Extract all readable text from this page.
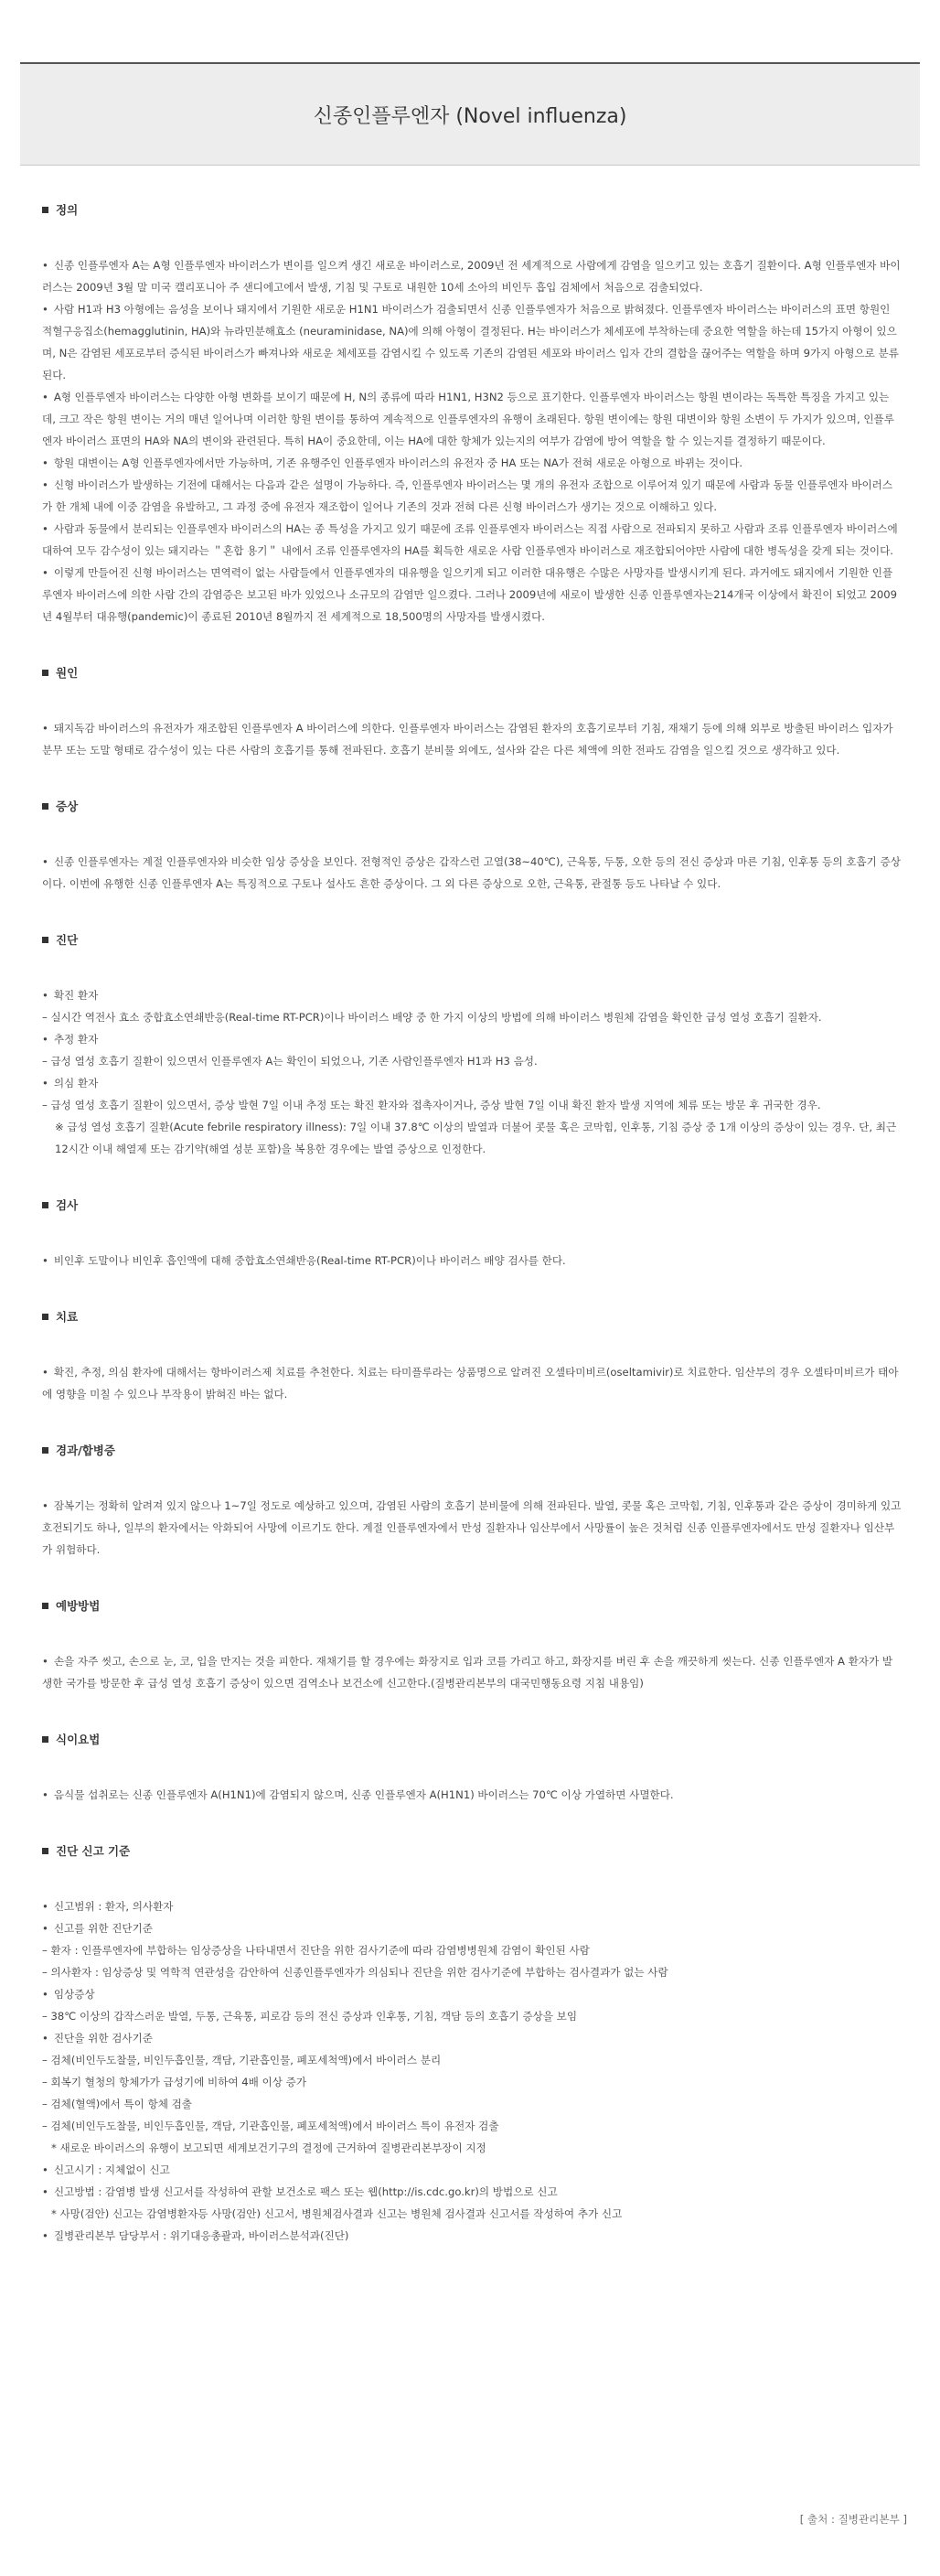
신종인플루엔자 (Novel influenza)
정의

• 신종 인플루엔자 A는 A형 인플루엔자 바이러스가 변이를 일으켜 생긴 새로운 바이러스로, 2009년 전 세계적으로 사람에게 감염을 일으키고 있는 호흡기 질환이다. A형 인플루엔자 바이러스는 2009년 3월 말 미국 캘리포니아 주 샌디에고에서 발생, 기침 및 구토로 내원한 10세 소아의 비인두 흡입 검체에서 처음으로 검출되었다.

• 사람 H1과 H3 아형에는 음성을 보이나 돼지에서 기원한 새로운 H1N1 바이러스가 검출되면서 신종 인플루엔자가 처음으로 밝혀졌다. 인플루엔자 바이러스는 바이러스의 표면 항원인 적혈구응집소(hemagglutinin, HA)와 뉴라민분해효소 (neuraminidase, NA)에 의해 아형이 결정된다. H는 바이러스가 체세포에 부착하는데 중요한 역할을 하는데 15가지 아형이 있으며, N은 감염된 세포로부터 증식된 바이러스가 빠져나와 새로운 체세포를 감염시킬 수 있도록 기존의 감염된 세포와 바이러스 입자 간의 결합을 끊어주는 역할을 하며 9가지 아형으로 분류된다.

• A형 인플루엔자 바이러스는 다양한 아형 변화를 보이기 때문에 H, N의 종류에 따라 H1N1, H3N2 등으로 표기한다. 인플루엔자 바이러스는 항원 변이라는 독특한 특징을 가지고 있는데, 크고 작은 항원 변이는 거의 매년 일어나며 이러한 항원 변이를 통하여 계속적으로 인플루엔자의 유행이 초래된다. 항원 변이에는 항원 대변이와 항원 소변이 두 가지가 있으며, 인플루엔자 바이러스 표면의 HA와 NA의 변이와 관련된다. 특히 HA이 중요한데, 이는 HA에 대한 항체가 있는지의 여부가 감염에 방어 역할을 할 수 있는지를 결정하기 때문이다.

• 항원 대변이는 A형 인플루엔자에서만 가능하며, 기존 유행주인 인플루엔자 바이러스의 유전자 중 HA 또는 NA가 전혀 새로운 아형으로 바뀌는 것이다.

• 신형 바이러스가 발생하는 기전에 대해서는 다음과 같은 설명이 가능하다. 즉, 인플루엔자 바이러스는 몇 개의 유전자 조합으로 이루어져 있기 때문에 사람과 동물 인플루엔자 바이러스가 한 개체 내에 이중 감염을 유발하고, 그 과정 중에 유전자 재조합이 일어나 기존의 것과 전혀 다른 신형 바이러스가 생기는 것으로 이해하고 있다.

• 사람과 동물에서 분리되는 인플루엔자 바이러스의 HA는 종 특성을 가지고 있기 때문에 조류 인플루엔자 바이러스는 직접 사람으로 전파되지 못하고 사람과 조류 인플루엔자 바이러스에 대하여 모두 감수성이 있는 돼지라는 ＂혼합 용기＂ 내에서 조류 인플루엔자의 HA를 획득한 새로운 사람 인플루엔자 바이러스로 재조합되어야만 사람에 대한 병독성을 갖게 되는 것이다.

• 이렇게 만들어진 신형 바이러스는 면역력이 없는 사람들에서 인플루엔자의 대유행을 일으키게 되고 이러한 대유행은 수많은 사망자를 발생시키게 된다. 과거에도 돼지에서 기원한 인플루엔자 바이러스에 의한 사람 간의 감염증은 보고된 바가 있었으나 소규모의 감염만 일으켰다. 그러나 2009년에 새로이 발생한 신종 인플루엔자는214개국 이상에서 확진이 되었고 2009년 4월부터 대유행(pandemic)이 종료된 2010년 8월까지 전 세계적으로 18,500명의 사망자를 발생시켰다.

원인

• 돼지독감 바이러스의 유전자가 재조합된 인플루엔자 A 바이러스에 의한다. 인플루엔자 바이러스는 감염된 환자의 호흡기로부터 기침, 재채기 등에 의해 외부로 방출된 바이러스 입자가 분무 또는 도말 형태로 감수성이 있는 다른 사람의 호흡기를 통해 전파된다. 호흡기 분비물 외에도, 설사와 같은 다른 체액에 의한 전파도 감염을 일으킬 것으로 생각하고 있다.

증상

• 신종 인플루엔자는 계절 인플루엔자와 비슷한 임상 증상을 보인다. 전형적인 증상은 갑작스런 고열(38~40℃), 근육통, 두통, 오한 등의 전신 증상과 마른 기침, 인후통 등의 호흡기 증상이다. 이번에 유행한 신종 인플루엔자 A는 특징적으로 구토나 설사도 흔한 증상이다. 그 외 다른 증상으로 오한, 근육통, 관절통 등도 나타날 수 있다.

진단

• 확진 환자

– 실시간 역전사 효소 중합효소연쇄반응(Real-time RT-PCR)이나 바이러스 배양 중 한 가지 이상의 방법에 의해 바이러스 병원체 감염을 확인한 급성 열성 호흡기 질환자.

• 추정 환자

– 급성 열성 호흡기 질환이 있으면서 인플루엔자 A는 확인이 되었으나, 기존 사람인플루엔자 H1과 H3 음성.

• 의심 환자

– 급성 열성 호흡기 질환이 있으면서, 증상 발현 7일 이내 추정 또는 확진 환자와 접촉자이거나, 증상 발현 7일 이내 확진 환자 발생 지역에 체류 또는 방문 후 귀국한 경우.

※ 급성 열성 호흡기 질환(Acute febrile respiratory illness): 7일 이내 37.8℃ 이상의 발열과 더불어 콧물 혹은 코막힘, 인후통, 기침 증상 중 1개 이상의 증상이 있는 경우. 단, 최근 12시간 이내 해열제 또는 감기약(해열 성분 포함)을 복용한 경우에는 발열 증상으로 인정한다.

검사

• 비인후 도말이나 비인후 흡인액에 대해 중합효소연쇄반응(Real-time RT-PCR)이나 바이러스 배양 검사를 한다.

치료

• 확진, 추정, 의심 환자에 대해서는 항바이러스제 치료를 추천한다. 치료는 타미플루라는 상품명으로 알려진 오셀타미비르(oseltamivir)로 치료한다. 임산부의 경우 오셀타미비르가 태아에 영향을 미칠 수 있으나 부작용이 밝혀진 바는 없다.

경과/합병증

• 잠복기는 정확히 알려져 있지 않으나 1~7일 정도로 예상하고 있으며, 감염된 사람의 호흡기 분비물에 의해 전파된다. 발열, 콧물 혹은 코막힘, 기침, 인후통과 같은 증상이 경미하게 있고 호전되기도 하나, 일부의 환자에서는 악화되어 사망에 이르기도 한다. 계절 인플루엔자에서 만성 질환자나 임산부에서 사망률이 높은 것처럼 신종 인플루엔자에서도 만성 질환자나 임산부가 위험하다.

예방방법

• 손을 자주 씻고, 손으로 눈, 코, 입을 만지는 것을 피한다. 재채기를 할 경우에는 화장지로 입과 코를 가리고 하고, 화장지를 버린 후 손을 깨끗하게 씻는다. 신종 인플루엔자 A 환자가 발생한 국가를 방문한 후 급성 열성 호흡기 증상이 있으면 검역소나 보건소에 신고한다.(질병관리본부의 대국민행동요령 지침 내용임)

식이요법

• 음식물 섭취로는 신종 인플루엔자 A(H1N1)에 감염되지 않으며, 신종 인플루엔자 A(H1N1) 바이러스는 70℃ 이상 가열하면 사멸한다.

진단 신고 기준

• 신고범위 : 환자, 의사환자

• 신고를 위한 진단기준

– 환자 : 인플루엔자에 부합하는 임상증상을 나타내면서 진단을 위한 검사기준에 따라 감염병병원체 감염이 확인된 사람

– 의사환자 : 임상증상 및 역학적 연관성을 감안하여 신종인플루엔자가 의심되나 진단을 위한 검사기준에 부합하는 검사결과가 없는 사람

• 임상증상

– 38℃ 이상의 갑작스러운 발열, 두통, 근육통, 피로감 등의 전신 증상과 인후통, 기침, 객담 등의 호흡기 증상을 보임

• 진단을 위한 검사기준

– 검체(비인두도찰물, 비인두흡인물, 객담, 기관흡인물, 폐포세척액)에서 바이러스 분리

– 회복기 혈청의 항체가가 급성기에 비하여 4배 이상 증가

– 검체(혈액)에서 특이 항체 검출

– 검체(비인두도찰물, 비인두흡인물, 객담, 기관흡인물, 폐포세척액)에서 바이러스 특이 유전자 검출

* 새로운 바이러스의 유행이 보고되면 세계보건기구의 결정에 근거하여 질병관리본부장이 지정

• 신고시기 : 지체없이 신고

• 신고방법 : 감염병 발생 신고서를 작성하여 관할 보건소로 팩스 또는 웹(http://is.cdc.go.kr)의 방법으로 신고

* 사망(검안) 신고는 감염병환자등 사망(검안) 신고서, 병원체검사결과 신고는 병원체 검사결과 신고서를 작성하여 추가 신고

• 질병관리본부 담당부서 : 위기대응총괄과, 바이러스분석과(진단)

[ 출처 : 질병관리본부 ]
